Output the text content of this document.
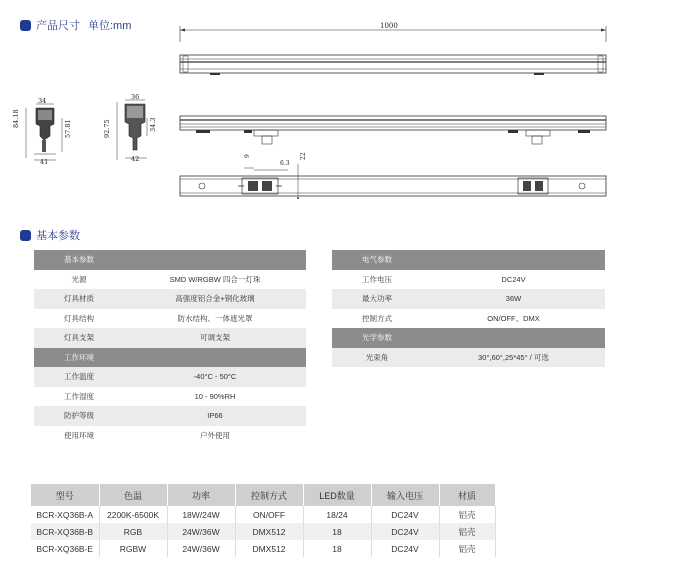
产品尺寸 单位:mm	1000
34
84.18
57.81
41
36
92.75	34.3
42	9
6.3
22
基本参数
基本参数	
光源	SMD W/RGBW 四合一灯珠
灯具材质	高强度铝合金+钢化玻璃
灯具结构	防水结构、一体遮光罩
灯具支架	可调支架
工作环境	
工作温度	-40°C - 50°C
工作湿度	10 - 90%RH
防护等级	IP66
使用环境	户外使用
电气参数	
工作电压	DC24V
最大功率	36W
控制方式	ON/OFF、DMX
光学参数	
光束角	30°,60°,25*45° / 可选
型号	色温	功率	控制方式	LED数量	输入电压	材质
BCR-XQ36B-A	2200K-6500K	18W/24W	ON/OFF	18/24	DC24V	铝壳
BCR-XQ36B-B	RGB	24W/36W	DMX512	18	DC24V	铝壳
BCR-XQ36B-E	RGBW	24W/36W	DMX512	18	DC24V	铝壳
